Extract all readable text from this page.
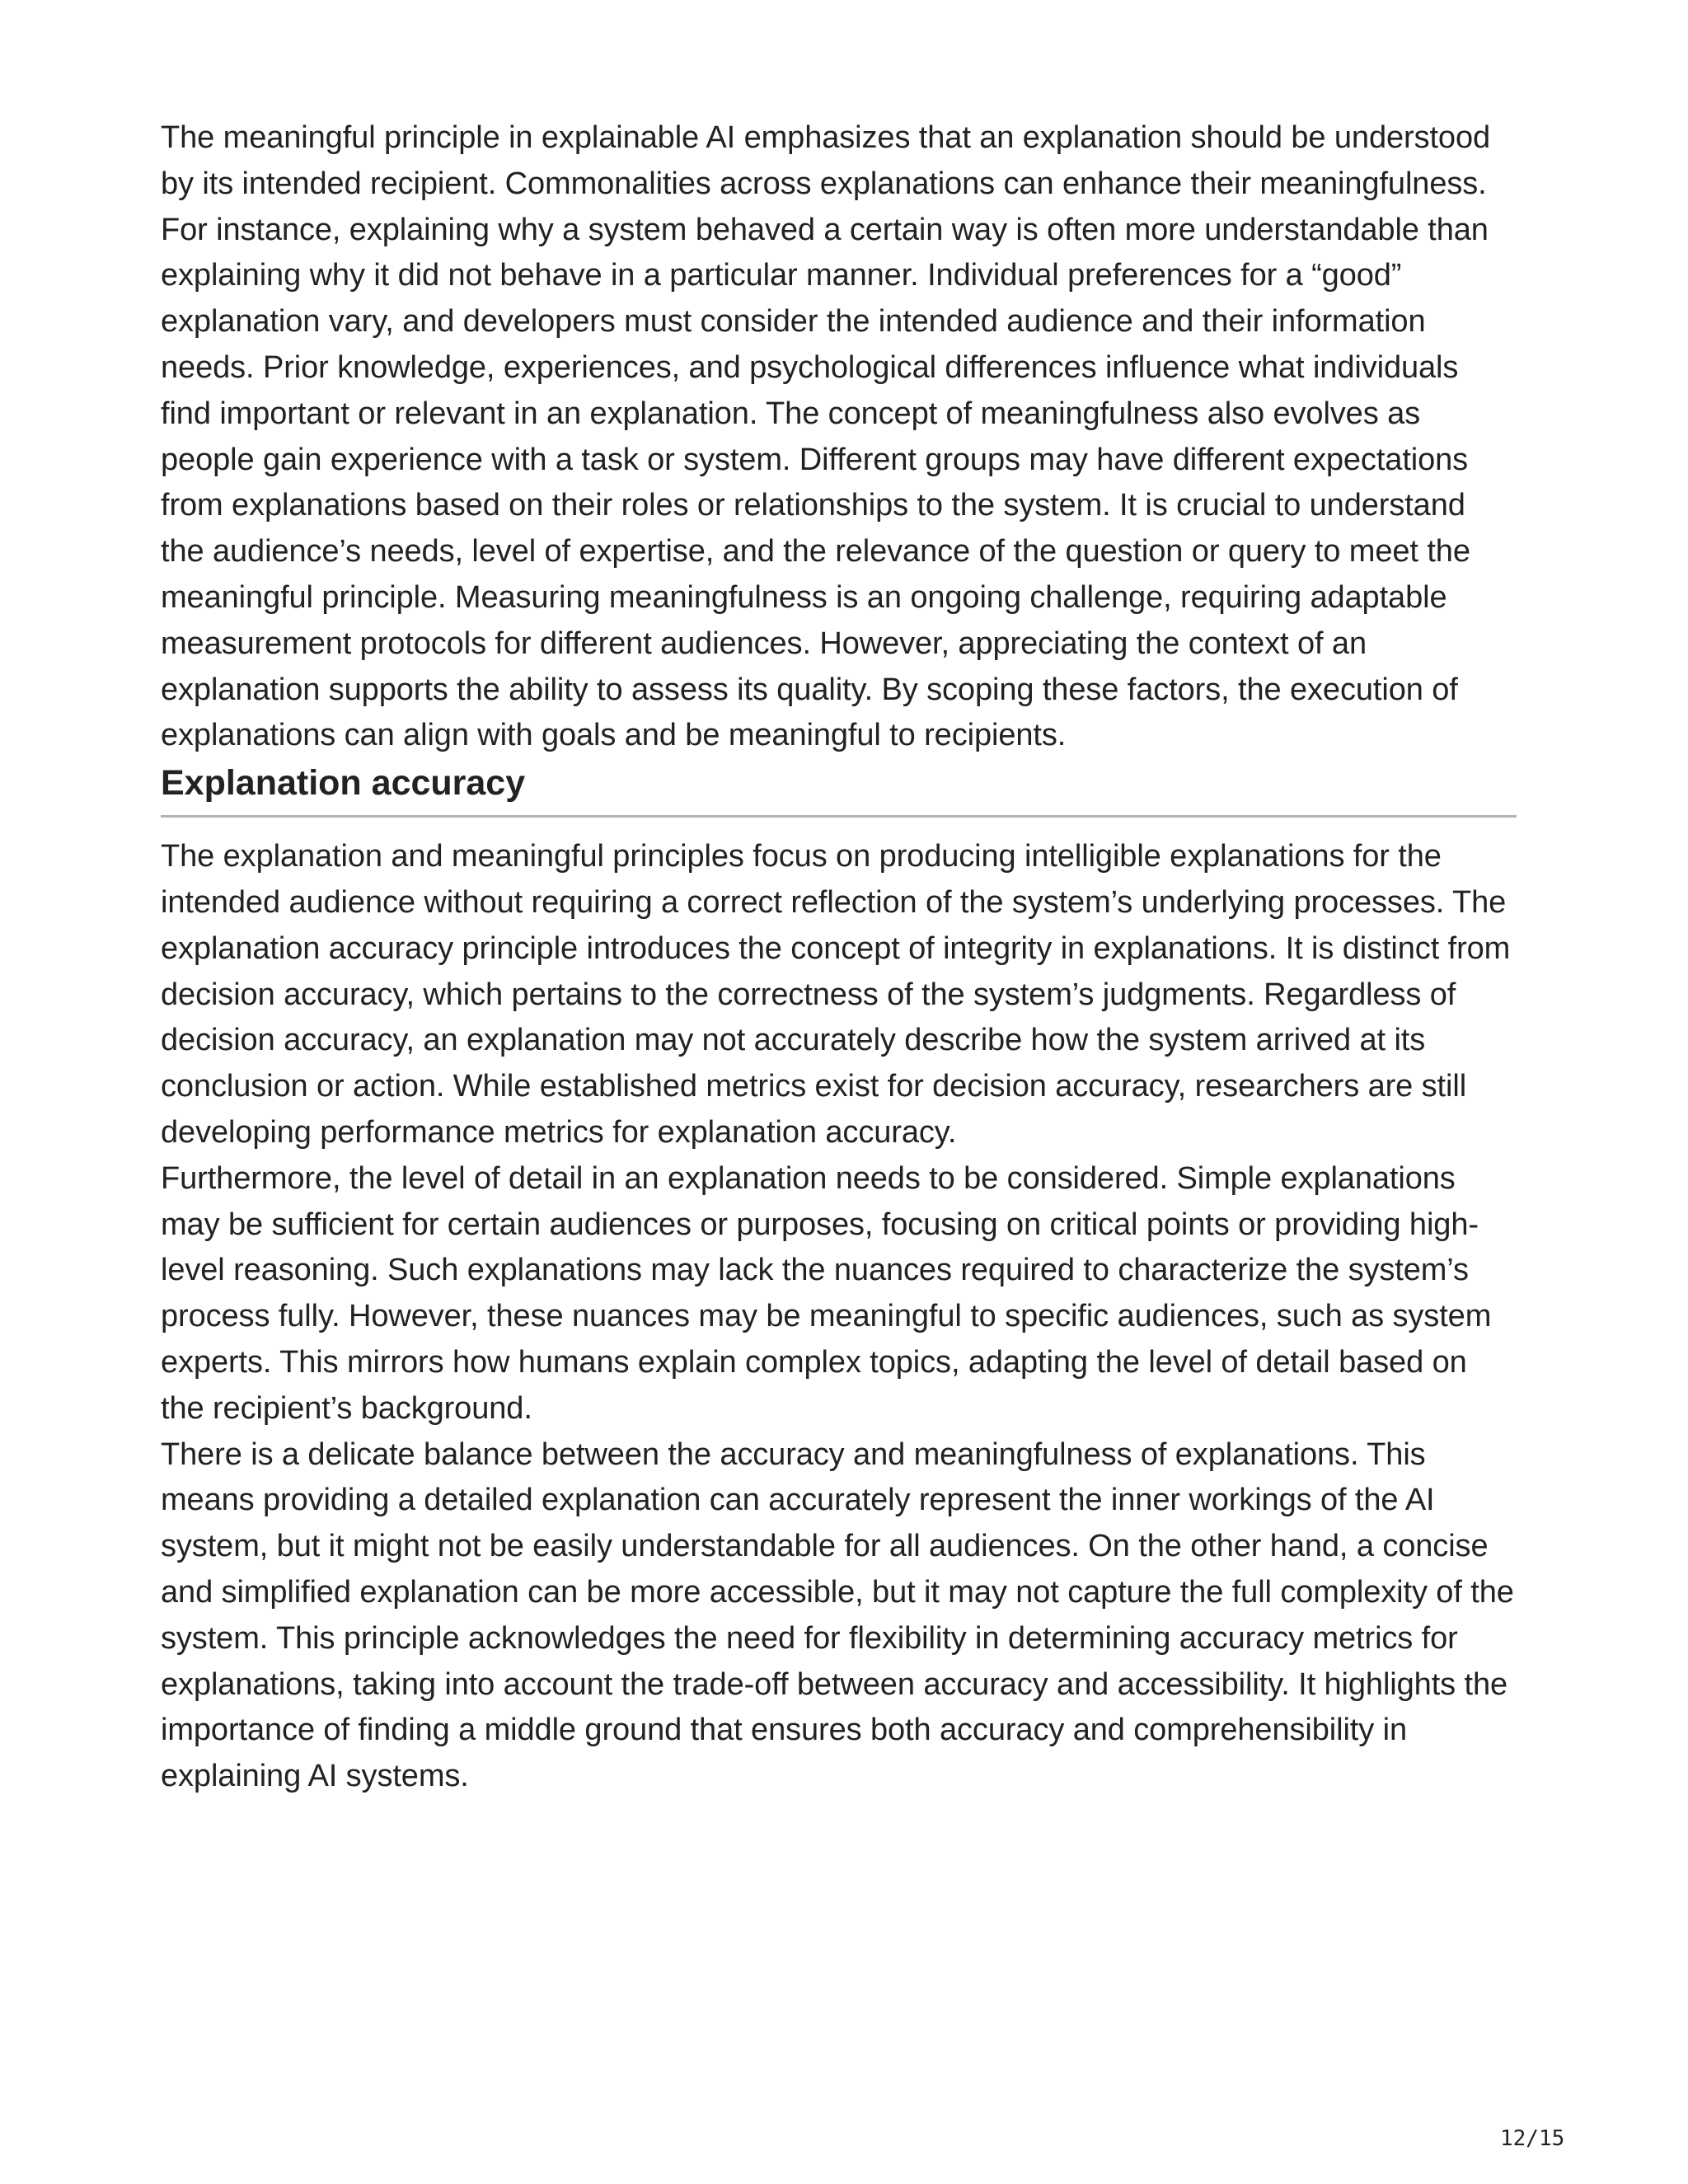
The meaningful principle in explainable AI emphasizes that an explanation should be understood by its intended recipient. Commonalities across explanations can enhance their meaningfulness. For instance, explaining why a system behaved a certain way is often more understandable than explaining why it did not behave in a particular manner. Individual preferences for a “good” explanation vary, and developers must consider the intended audience and their information needs. Prior knowledge, experiences, and psychological differences influence what individuals find important or relevant in an explanation. The concept of meaningfulness also evolves as people gain experience with a task or system. Different groups may have different expectations from explanations based on their roles or relationships to the system. It is crucial to understand the audience’s needs, level of expertise, and the relevance of the question or query to meet the meaningful principle. Measuring meaningfulness is an ongoing challenge, requiring adaptable measurement protocols for different audiences. However, appreciating the context of an explanation supports the ability to assess its quality. By scoping these factors, the execution of explanations can align with goals and be meaningful to recipients.

Explanation accuracy

The explanation and meaningful principles focus on producing intelligible explanations for the intended audience without requiring a correct reflection of the system’s underlying processes. The explanation accuracy principle introduces the concept of integrity in explanations. It is distinct from decision accuracy, which pertains to the correctness of the system’s judgments. Regardless of decision accuracy, an explanation may not accurately describe how the system arrived at its conclusion or action. While established metrics exist for decision accuracy, researchers are still developing performance metrics for explanation accuracy.

Furthermore, the level of detail in an explanation needs to be considered. Simple explanations may be sufficient for certain audiences or purposes, focusing on critical points or providing high-level reasoning. Such explanations may lack the nuances required to characterize the system’s process fully. However, these nuances may be meaningful to specific audiences, such as system experts. This mirrors how humans explain complex topics, adapting the level of detail based on the recipient’s background.

There is a delicate balance between the accuracy and meaningfulness of explanations. This means providing a detailed explanation can accurately represent the inner workings of the AI system, but it might not be easily understandable for all audiences. On the other hand, a concise and simplified explanation can be more accessible, but it may not capture the full complexity of the system. This principle acknowledges the need for flexibility in determining accuracy metrics for explanations, taking into account the trade-off between accuracy and accessibility. It highlights the importance of finding a middle ground that ensures both accuracy and comprehensibility in explaining AI systems.

12/15
